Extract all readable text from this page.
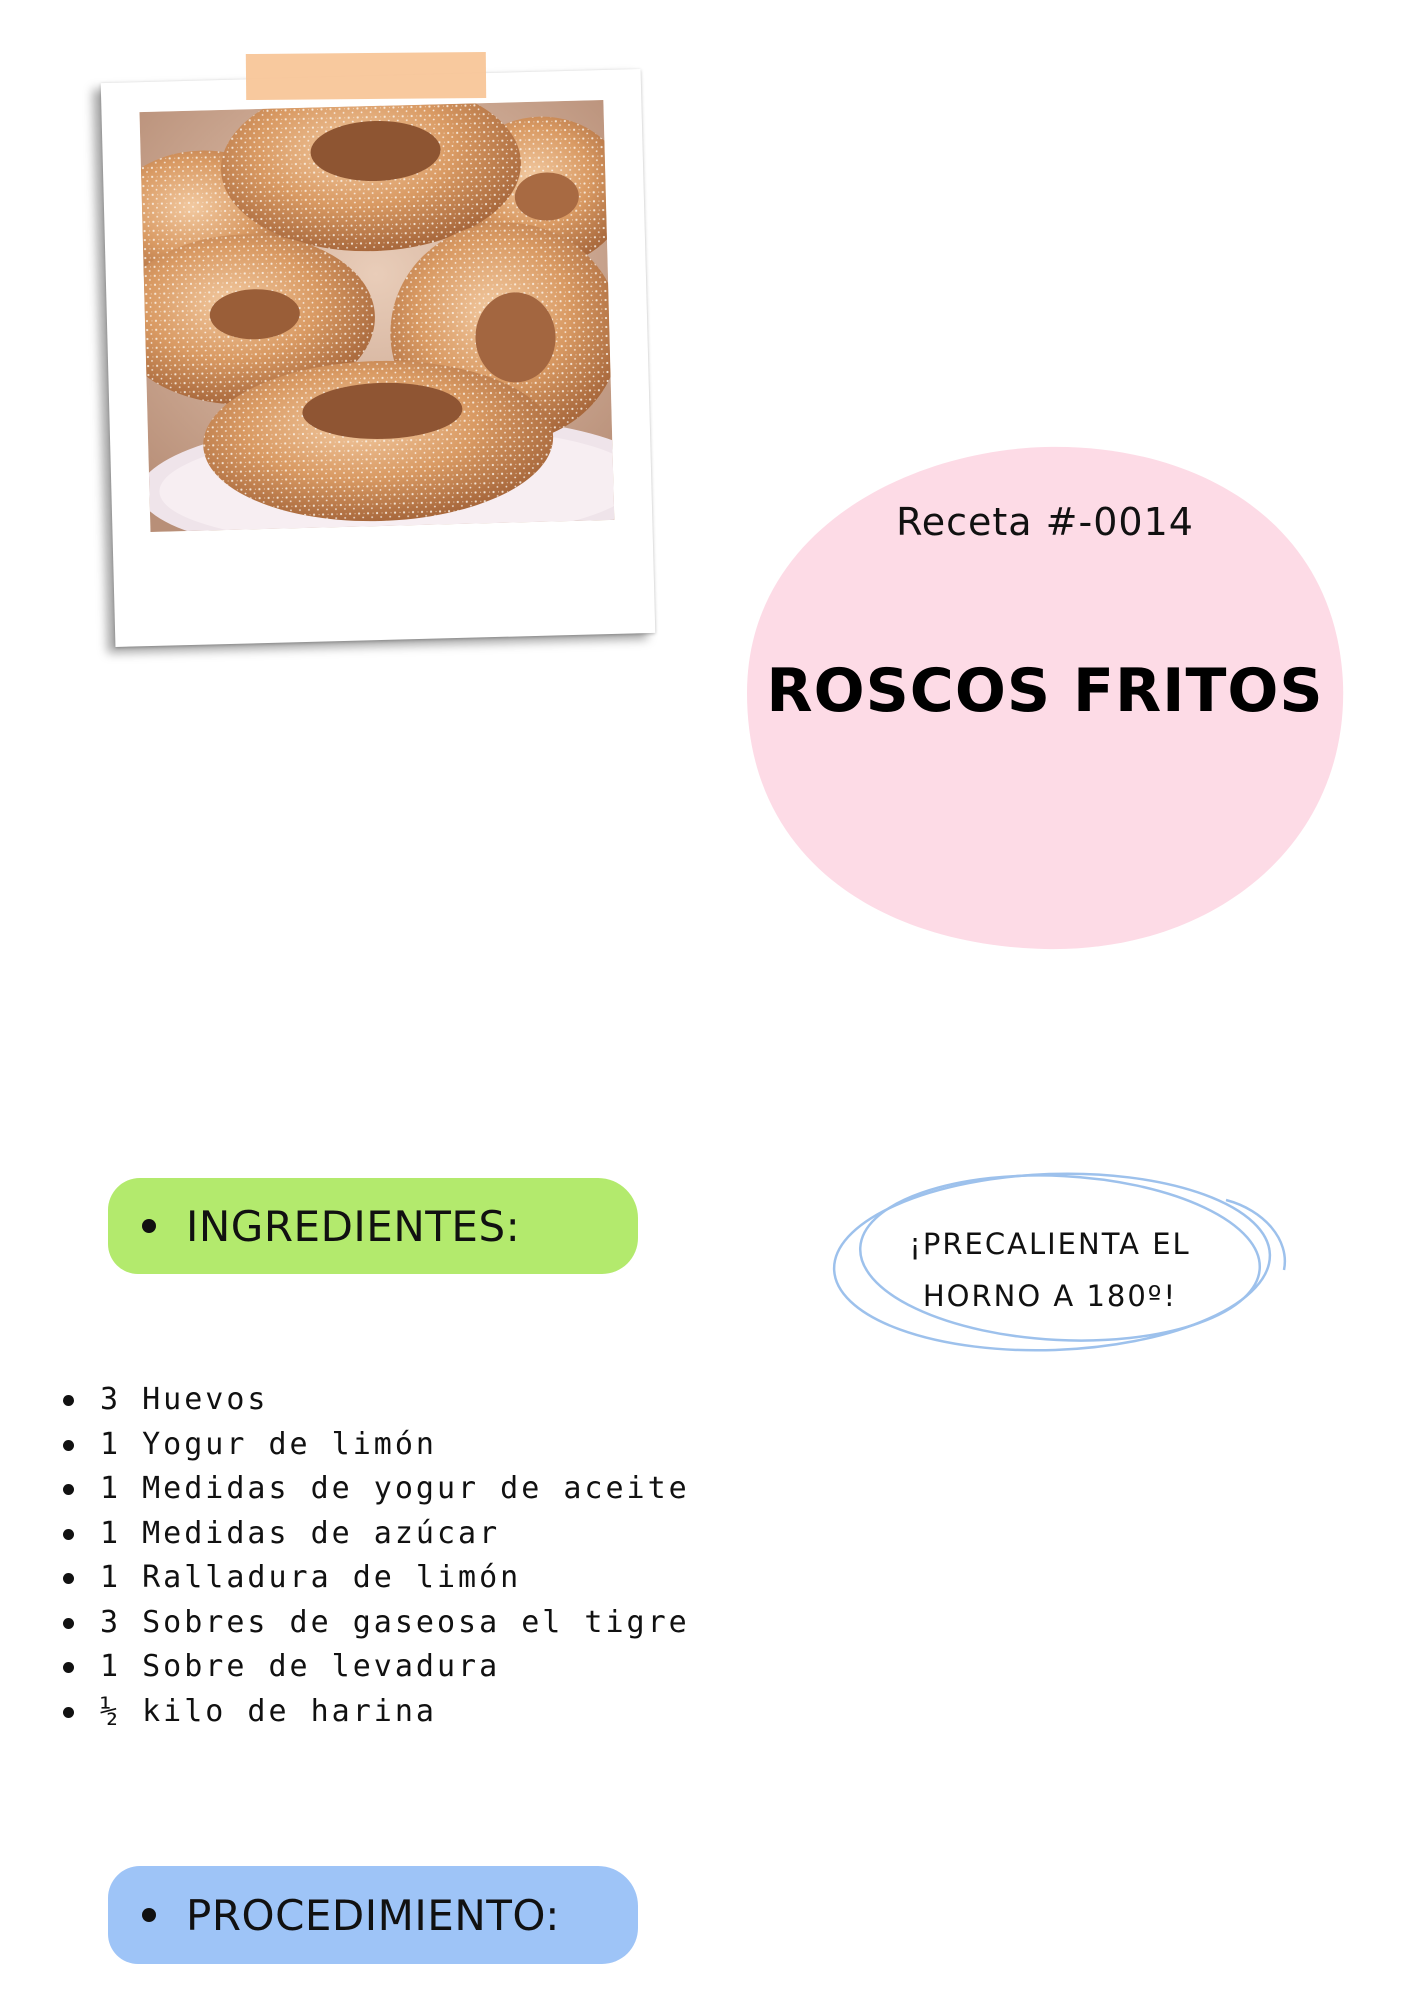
Receta #-0014
ROSCOS FRITOS
INGREDIENTES:	¡PRECALIENTA EL
HORNO A 180º!
3 Huevos
1 Yogur de limón
1 Medidas de yogur de aceite
1 Medidas de azúcar
1 Ralladura de limón
3 Sobres de gaseosa el tigre
1 Sobre de levadura
½ kilo de harina
PROCEDIMIENTO:
